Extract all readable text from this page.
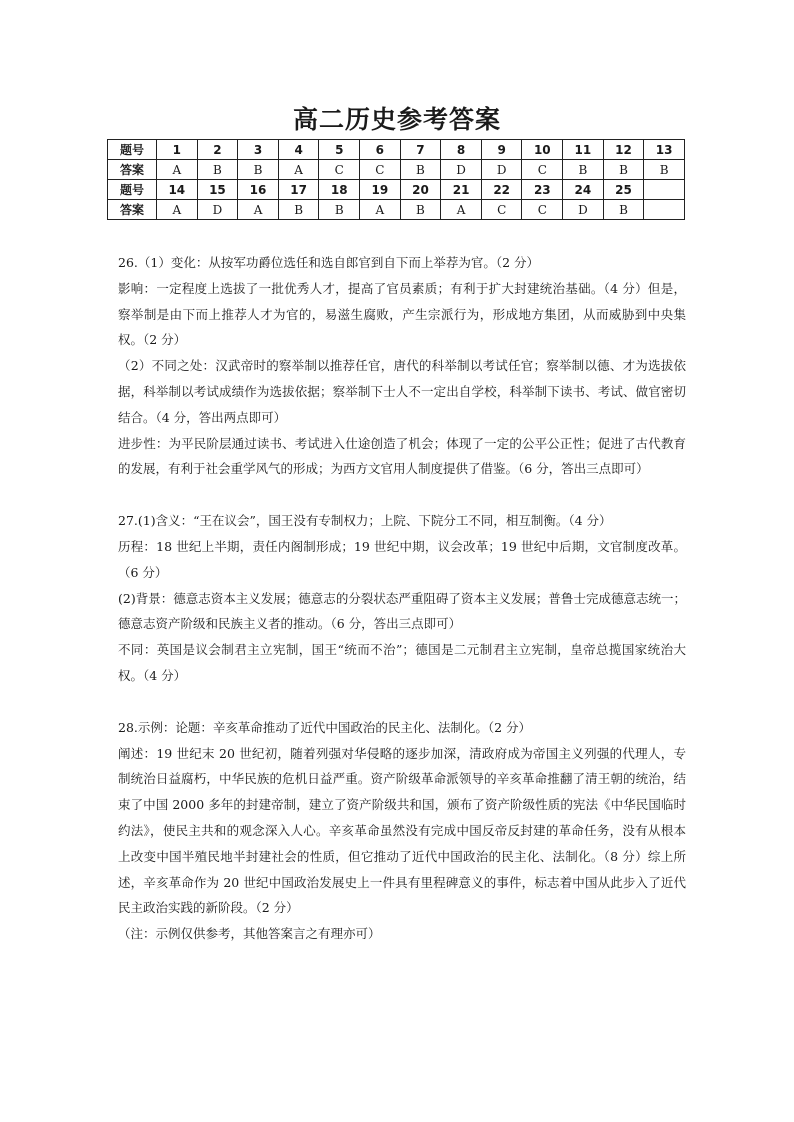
高二历史参考答案
题号	1	2	3	4	5	6	7	8	9	10	11	12	13
答案	A	B	B	A	C	C	B	D	D	C	B	B	B
题号	14	15	16	17	18	19	20	21	22	23	24	25	
答案	A	D	A	B	B	A	B	A	C	C	D	B	

26.（1）变化：从按军功爵位选任和选自郎官到自下而上举荐为官。（2 分）

影响：一定程度上选拔了一批优秀人才，提高了官员素质；有利于扩大封建统治基础。（4 分）但是，察举制是由下而上推荐人才为官的，易滋生腐败，产生宗派行为，形成地方集团，从而威胁到中央集权。（2 分）

（2）不同之处：汉武帝时的察举制以推荐任官，唐代的科举制以考试任官；察举制以德、才为选拔依据，科举制以考试成绩作为选拔依据；察举制下士人不一定出自学校，科举制下读书、考试、做官密切结合。（4 分，答出两点即可）

进步性：为平民阶层通过读书、考试进入仕途创造了机会；体现了一定的公平公正性；促进了古代教育的发展，有利于社会重学风气的形成；为西方文官用人制度提供了借鉴。（6 分，答出三点即可）

27.(1)含义：“王在议会”，国王没有专制权力；上院、下院分工不同，相互制衡。（4 分）

历程：18 世纪上半期，责任内阁制形成；19 世纪中期，议会改革；19 世纪中后期，文官制度改革。（6 分）

(2)背景：德意志资本主义发展；德意志的分裂状态严重阻碍了资本主义发展；普鲁士完成德意志统一；德意志资产阶级和民族主义者的推动。（6 分，答出三点即可）

不同：英国是议会制君主立宪制，国王“统而不治”；德国是二元制君主立宪制，皇帝总揽国家统治大权。（4 分）

28.示例：论题：辛亥革命推动了近代中国政治的民主化、法制化。（2 分）

阐述：19 世纪末 20 世纪初，随着列强对华侵略的逐步加深，清政府成为帝国主义列强的代理人，专制统治日益腐朽，中华民族的危机日益严重。资产阶级革命派领导的辛亥革命推翻了清王朝的统治，结束了中国 2000 多年的封建帝制，建立了资产阶级共和国，颁布了资产阶级性质的宪法《中华民国临时约法》，使民主共和的观念深入人心。辛亥革命虽然没有完成中国反帝反封建的革命任务，没有从根本上改变中国半殖民地半封建社会的性质，但它推动了近代中国政治的民主化、法制化。（8 分）综上所述，辛亥革命作为 20 世纪中国政治发展史上一件具有里程碑意义的事件，标志着中国从此步入了近代民主政治实践的新阶段。（2 分）

（注：示例仅供参考，其他答案言之有理亦可）
